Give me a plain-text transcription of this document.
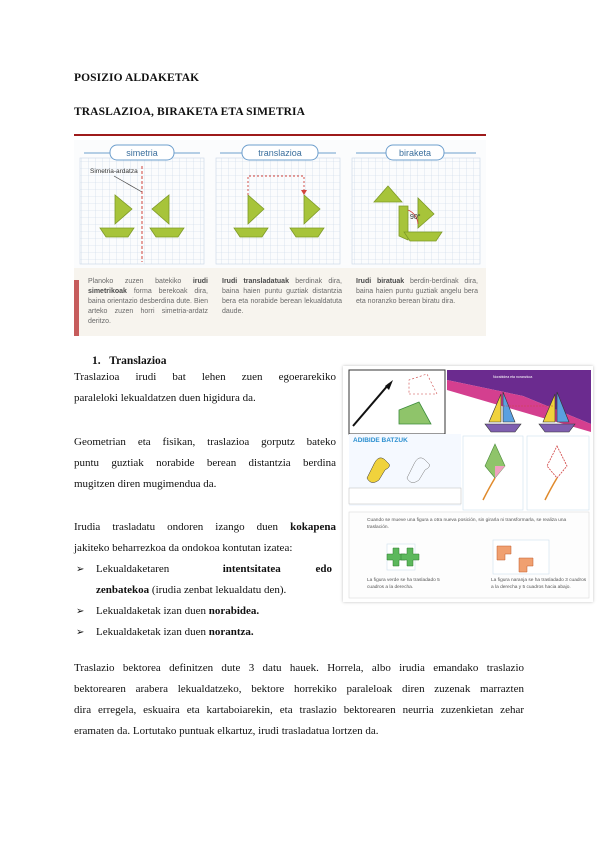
POSIZIO ALDAKETAK
TRASLAZIOA, BIRAKETA ETA SIMETRIA
simetria	translazioa	biraketa
Simetria-ardatza
90°
Planoko zuzen batekiko irudi simetrikoak forma berekoak dira, baina orientazio desberdina dute. Bien arteko zuzen horri simetria-ardatz deritzo.
Irudi transladatuak berdinak dira, baina haien puntu guztiak distantzia bera eta norabide berean lekualdatuta daude.
Irudi biratuak berdin-berdinak dira, baina haien puntu guztiak angelu bera eta noranzko berean biratu dira.
1. Translazioa
Traslazioa irudi bat lehen zuen egoerarekiko
paraleloki lekualdatzen duen higidura da.
Geometrian eta fisikan, traslazioa gorputz bateko
puntu guztiak norabide berean distantzia berdina
mugitzen diren mugimendua da.
Irudia trasladatu ondoren izango duen kokapena
jakiteko beharrezkoa da ondokoa kontutan izatea:
➢	Lekualdaketaren	intentsitatea edo
zenbatekoa (irudia zenbat lekualdatu den).
➢ Lekualdaketak izan duen norabidea.
➢ Lekualdaketak izan duen norantza.
Norabidea eta noranzkoa
ADIBIDE BATZUK
Cuando se mueve una figura a otra nueva posición, sin girarla ni transformarla, se realiza una traslación.
La figura verde se ha trasladado 5 cuadros a la derecha.
La figura naranja se ha trasladado 3 cuadros a la derecha y 5 cuadros hacia abajo.
Traslazio bektorea definitzen dute 3 datu hauek. Horrela, albo irudia emandako traslazio
bektorearen arabera lekualdatzeko, bektore horrekiko paraleloak diren zuzenak marrazten
dira erregela, eskuaira eta kartaboiarekin, eta traslazio bektorearen neurria zuzenkietan zehar
eramaten da. Lortutako puntuak elkartuz, irudi trasladatua lortzen da.
